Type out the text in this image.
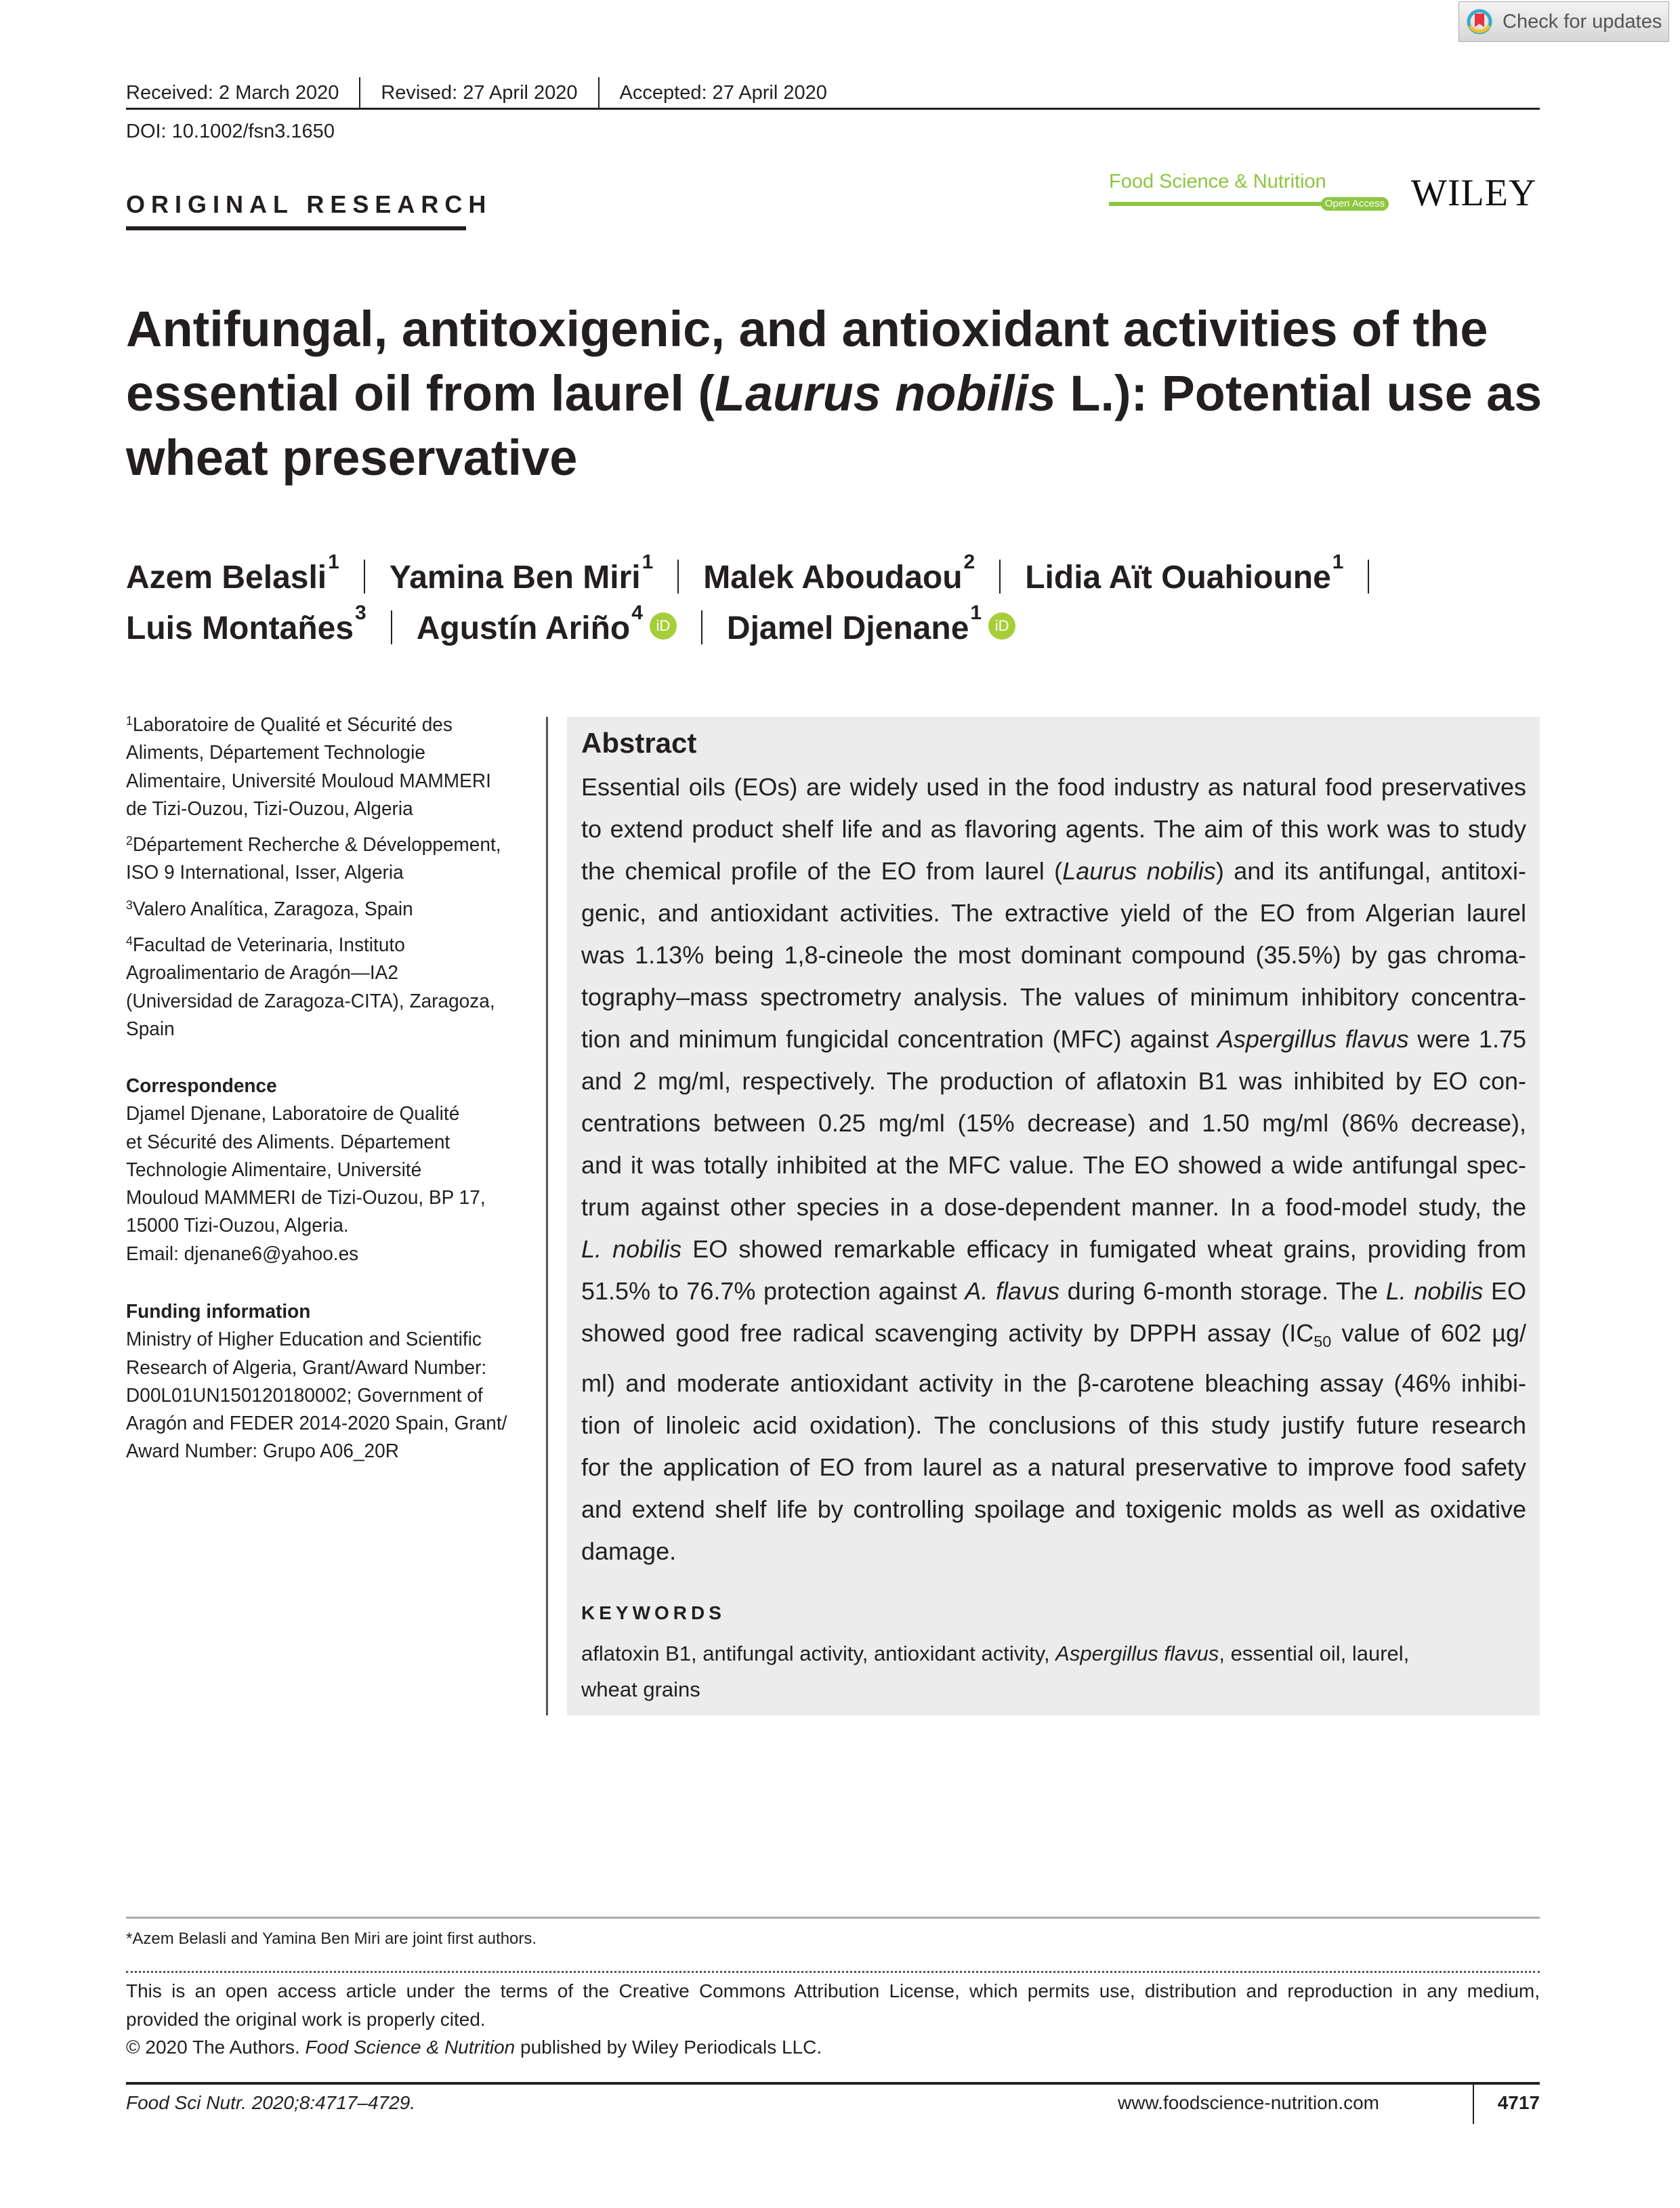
Check for updates
Received: 2 March 2020	Revised: 27 April 2020	Accepted: 27 April 2020
DOI: 10.1002/fsn3.1650
ORIGINAL RESEARCH
Food Science & Nutrition
Open Access WILEY
Antifungal, antitoxigenic, and antioxidant activities of the
essential oil from laurel (Laurus nobilis L.): Potential use as
wheat preservative
Azem Belasli 1 Yamina Ben Miri 1 Malek Aboudaou 2 Lidia Aït Ouahioune 1
Luis Montañes 3 Agustín Ariño 4
iD Djamel Djenane 1
iD
$^1$Laboratoire de Qualité et Sécurité des
Aliments, Département Technologie
Alimentaire, Université Mouloud MAMMERI
de Tizi-Ouzou, Tizi-Ouzou, Algeria
$^2$Département Recherche & Développement,
ISO 9 International, Isser, Algeria
$^3$Valero Analítica, Zaragoza, Spain
$^4$Facultad de Veterinaria, Instituto
Agroalimentario de Aragón—IA2
(Universidad de Zaragoza-CITA), Zaragoza,
Spain
Correspondence
Djamel Djenane, Laboratoire de Qualité
et Sécurité des Aliments. Département
Technologie Alimentaire, Université
Mouloud MAMMERI de Tizi-Ouzou, BP 17,
15000 Tizi-Ouzou, Algeria.
Email: djenane6@yahoo.es
Funding information
Ministry of Higher Education and Scientific
Research of Algeria, Grant/Award Number:
D00L01UN150120180002; Government of
Aragón and FEDER 2014-2020 Spain, Grant/
Award Number: Grupo A06_20R
Abstract
Essential oils (EOs) are widely used in the food industry as natural food preservatives
to extend product shelf life and as flavoring agents. The aim of this work was to study
the chemical profile of the EO from laurel (Laurus nobilis) and its antifungal, antitoxi-
genic, and antioxidant activities. The extractive yield of the EO from Algerian laurel
was 1.13% being 1,8-cineole the most dominant compound (35.5%) by gas chroma-
tography–mass spectrometry analysis. The values of minimum inhibitory concentra-
tion and minimum fungicidal concentration (MFC) against Aspergillus flavus were 1.75
and 2 mg/ml, respectively. The production of aflatoxin B1 was inhibited by EO con-
centrations between 0.25 mg/ml (15% decrease) and 1.50 mg/ml (86% decrease),
and it was totally inhibited at the MFC value. The EO showed a wide antifungal spec-
trum against other species in a dose-dependent manner. In a food-model study, the
L. nobilis EO showed remarkable efficacy in fumigated wheat grains, providing from
51.5% to 76.7% protection against A. flavus during 6-month storage. The L. nobilis EO
showed good free radical scavenging activity by DPPH assay ($IC_{50}$ value of 602 µg/
ml) and moderate antioxidant activity in the β-carotene bleaching assay (46% inhibi-
tion of linoleic acid oxidation). The conclusions of this study justify future research
for the application of EO from laurel as a natural preservative to improve food safety
and extend shelf life by controlling spoilage and toxigenic molds as well as oxidative
damage.
KEYWORDS
aflatoxin B1, antifungal activity, antioxidant activity, Aspergillus flavus, essential oil, laurel,
wheat grains
*Azem Belasli and Yamina Ben Miri are joint first authors.
This is an open access article under the terms of the Creative Commons Attribution License, which permits use, distribution and reproduction in any medium,
provided the original work is properly cited.
© 2020 The Authors. Food Science & Nutrition published by Wiley Periodicals LLC.
Food Sci Nutr. 2020;8:4717–4729.	www.foodscience-nutrition.com	4717
